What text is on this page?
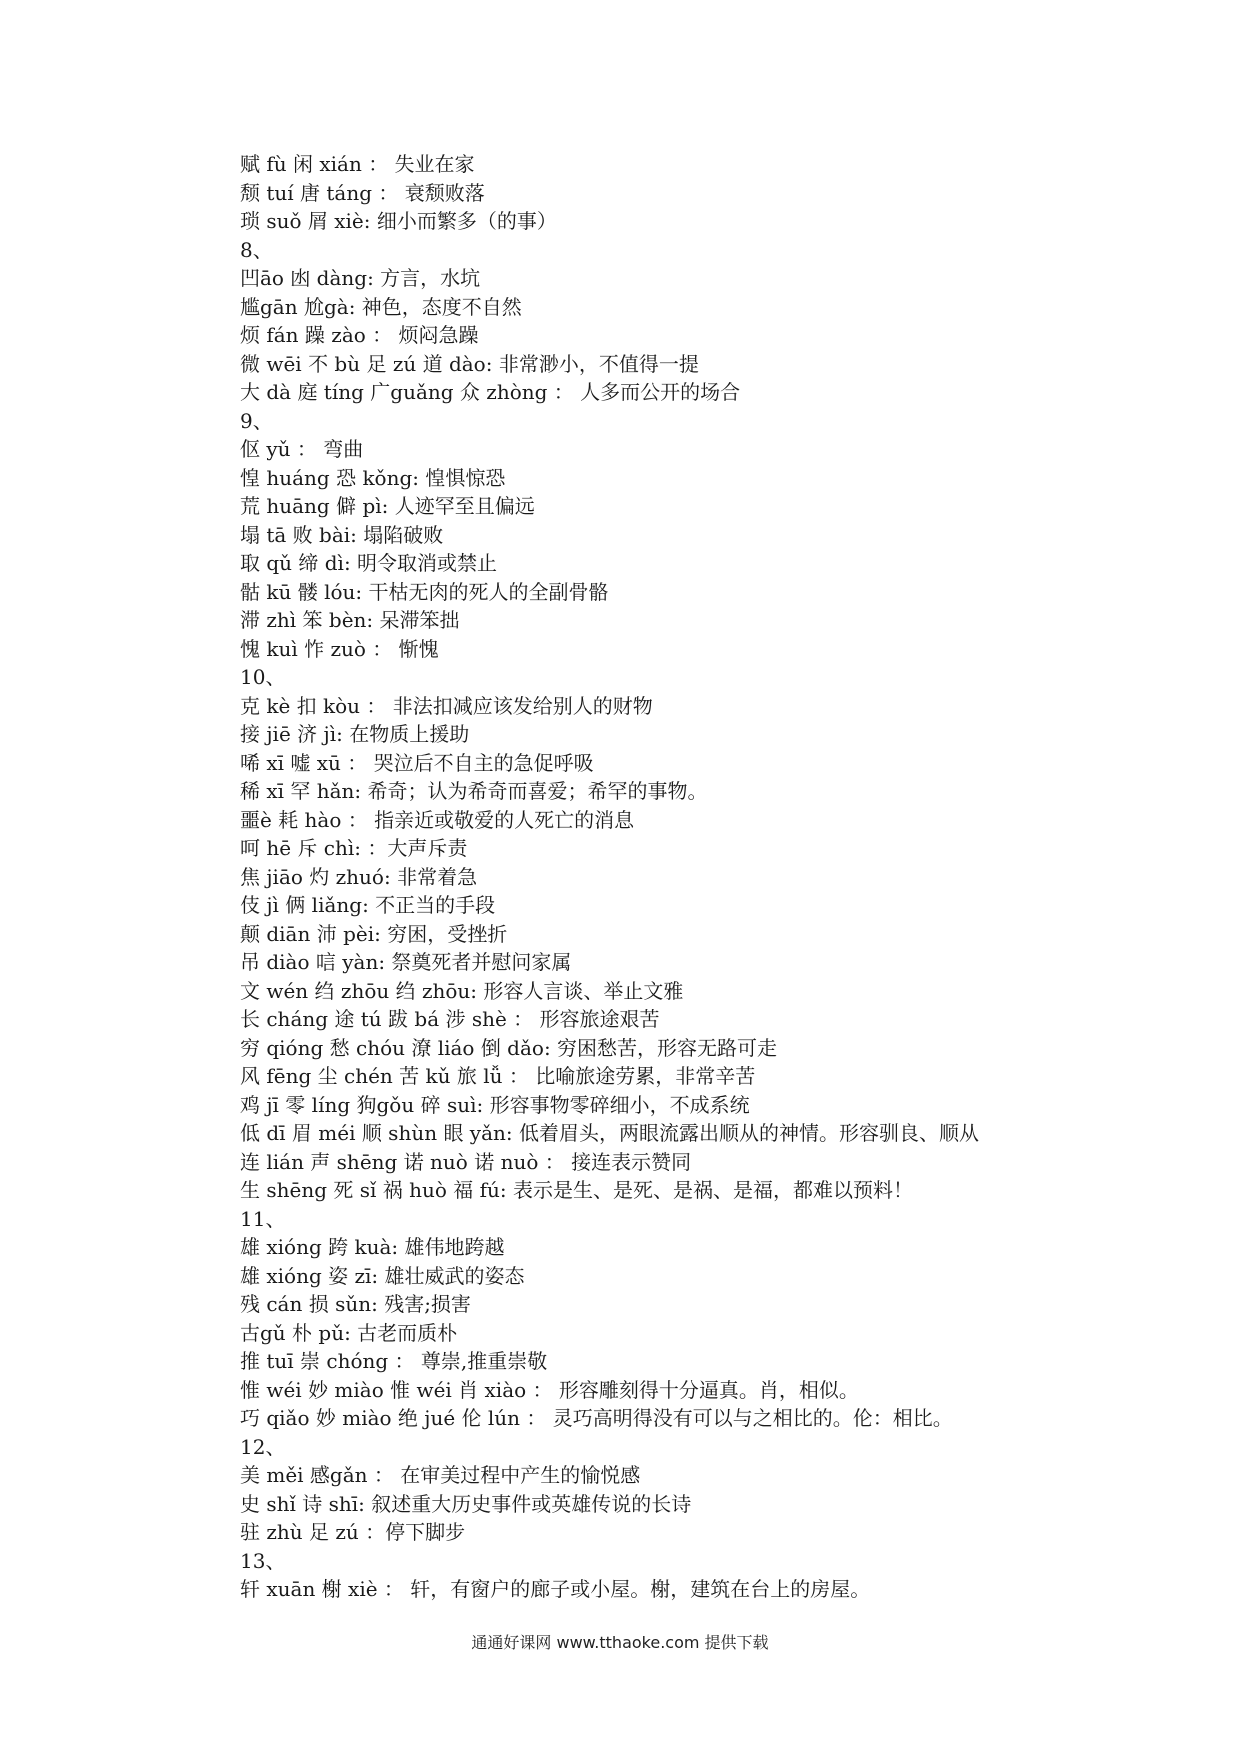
赋 fù 闲 xián ： 失业在家
颓 tuí 唐 táng ： 衰颓败落
琐 suǒ 屑 xiè: 细小而繁多（的事）
8、
凹āo 凼 dàng: 方言，水坑
尴gān 尬gà: 神色，态度不自然
烦 fán 躁 zào ： 烦闷急躁
微 wēi 不 bù 足 zú 道 dào: 非常渺小，不值得一提
大 dà 庭 tíng 广guǎng 众 zhòng ： 人多而公开的场合
9、
伛 yǔ ： 弯曲
惶 huáng 恐 kǒng: 惶惧惊恐
荒 huāng 僻 pì: 人迹罕至且偏远
塌 tā 败 bài: 塌陷破败
取 qǔ 缔 dì: 明令取消或禁止
骷 kū 髅 lóu: 干枯无肉的死人的全副骨骼
滞 zhì 笨 bèn: 呆滞笨拙
愧 kuì 怍 zuò ： 惭愧
10、
克 kè 扣 kòu ： 非法扣减应该发给别人的财物
接 jiē 济 jì: 在物质上援助
唏 xī 嘘 xū ： 哭泣后不自主的急促呼吸
稀 xī 罕 hǎn: 希奇；认为希奇而喜爱；希罕的事物。
噩è 耗 hào ： 指亲近或敬爱的人死亡的消息
呵 hē 斥 chì: ：大声斥责
焦 jiāo 灼 zhuó: 非常着急
伎 jì 俩 liǎng: 不正当的手段
颠 diān 沛 pèi: 穷困，受挫折
吊 diào 唁 yàn: 祭奠死者并慰问家属
文 wén 绉 zhōu 绉 zhōu: 形容人言谈、举止文雅
长 cháng 途 tú 跋 bá 涉 shè ： 形容旅途艰苦
穷 qióng 愁 chóu 潦 liáo 倒 dǎo: 穷困愁苦，形容无路可走
风 fēng 尘 chén 苦 kǔ 旅 lǚ ： 比喻旅途劳累，非常辛苦
鸡 jī 零 líng 狗gǒu 碎 suì: 形容事物零碎细小，不成系统
低 dī 眉 méi 顺 shùn 眼 yǎn: 低着眉头，两眼流露出顺从的神情。形容驯良、顺从
连 lián 声 shēng 诺 nuò 诺 nuò ： 接连表示赞同
生 shēng 死 sǐ 祸 huò 福 fú: 表示是生、是死、是祸、是福，都难以预料！
11、
雄 xióng 跨 kuà: 雄伟地跨越
雄 xióng 姿 zī: 雄壮威武的姿态
残 cán 损 sǔn: 残害;损害
古gǔ 朴 pǔ: 古老而质朴
推 tuī 崇 chóng ： 尊崇,推重崇敬
惟 wéi 妙 miào 惟 wéi 肖 xiào ： 形容雕刻得十分逼真。肖，相似。
巧 qiǎo 妙 miào 绝 jué 伦 lún ： 灵巧高明得没有可以与之相比的。伦：相比。
12、
美 měi 感gǎn ： 在审美过程中产生的愉悦感
史 shǐ 诗 shī: 叙述重大历史事件或英雄传说的长诗
驻 zhù 足 zú ：停下脚步
13、
轩 xuān 榭 xiè ： 轩，有窗户的廊子或小屋。榭，建筑在台上的房屋。
通通好课网 www.tthaoke.com 提供下载
